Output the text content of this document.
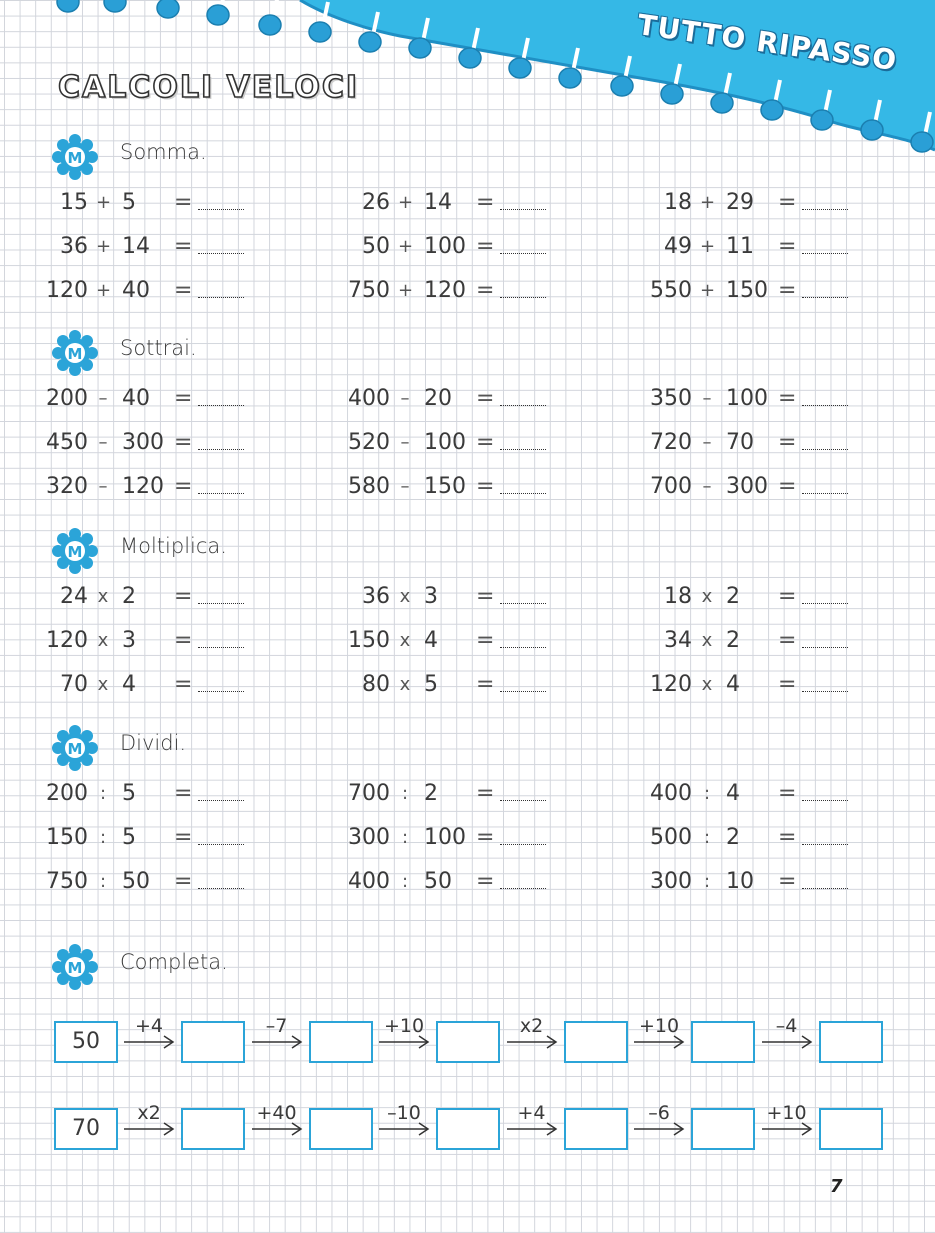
TUTTO RIPASSO
CALCOLI VELOCI
M Somma.
15 + 5 =
36 + 14 =
120 + 40 =
26 + 14 =
50 + 100 =
750 + 120 =
18 + 29 =
49 + 11 =
550 + 150 =
M Sottrai.
200 – 40 =
450 – 300 =
320 – 120 =
400 – 20 =
520 – 100 =
580 – 150 =
350 – 100 =
720 – 70 =
700 – 300 =
M Moltiplica.
24 x 2 =
120 x 3 =
70 x 4 =
36 x 3 =
150 x 4 =
80 x 5 =
18 x 2 =
34 x 2 =
120 x 4 =
M Dividi.
200 : 5 =
150 : 5 =
750 : 50 =
700 : 2 =
300 : 100 =
400 : 50 =
400 : 4 =
500 : 2 =
300 : 10 =
M Completa.
50
+4	–7	+10	x2	+10	–4
70
x2	+40	–10	+4	–6	+10
7
